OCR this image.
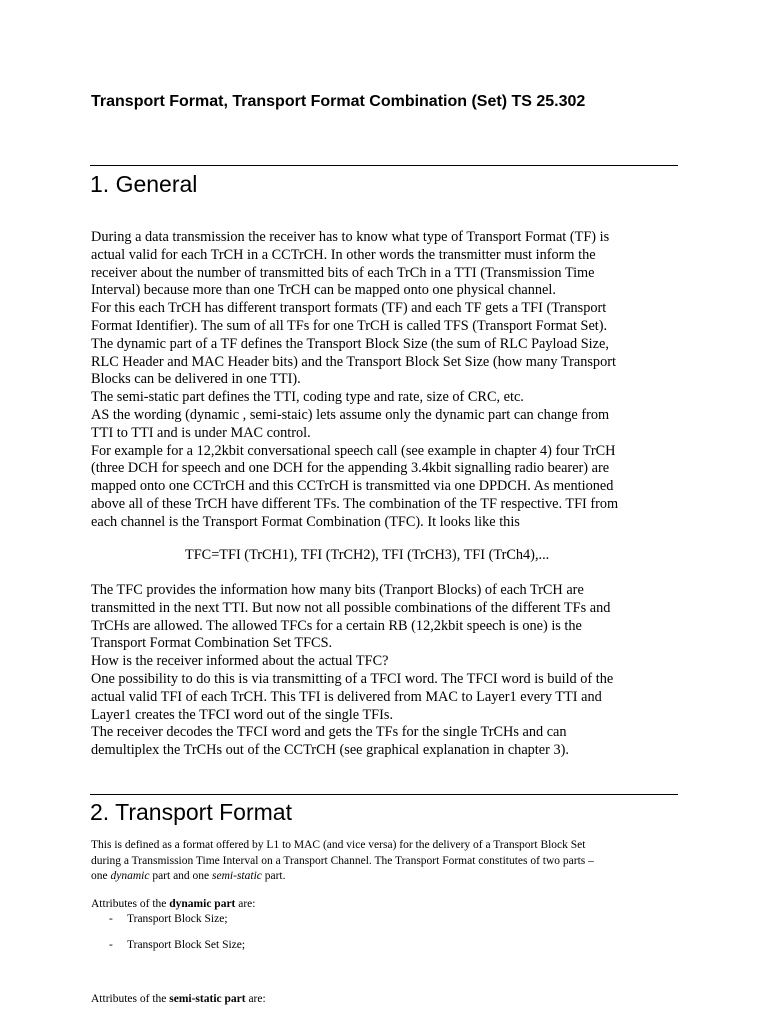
Transport Format, Transport Format Combination (Set) TS 25.302
1. General

During a data transmission the receiver has to know what type of Transport Format (TF) is

actual valid for each TrCH in a CCTrCH. In other words the transmitter must inform the

receiver about the number of transmitted bits of each TrCh in a TTI (Transmission Time

Interval) because more than one TrCH can be mapped onto one physical channel.

For this each TrCH has different transport formats (TF) and each TF gets a TFI (Transport

Format Identifier). The sum of all TFs for one TrCH is called TFS (Transport Format Set).

The dynamic part of a TF defines the Transport Block Size (the sum of RLC Payload Size,

RLC Header and MAC Header bits) and the Transport Block Set Size (how many Transport

Blocks can be delivered in one TTI).

The semi-static part defines the TTI, coding type and rate, size of CRC, etc.

AS the wording (dynamic , semi-staic) lets assume only the dynamic part can change from

TTI to TTI and is under MAC control.

For example for a 12,2kbit conversational speech call (see example in chapter 4) four TrCH

(three DCH for speech and one DCH for the appending 3.4kbit signalling radio bearer) are

mapped onto one CCTrCH and this CCTrCH is transmitted via one DPDCH. As mentioned

above all of these TrCH have different TFs. The combination of the TF respective. TFI from

each channel is the Transport Format Combination (TFC). It looks like this

TFC=TFI (TrCH1), TFI (TrCH2), TFI (TrCH3), TFI (TrCh4),...

The TFC provides the information how many bits (Tranport Blocks) of each TrCH are

transmitted in the next TTI. But now not all possible combinations of the different TFs and

TrCHs are allowed. The allowed TFCs for a certain RB (12,2kbit speech is one) is the

Transport Format Combination Set TFCS.

How is the receiver informed about the actual TFC?

One possibility to do this is via transmitting of a TFCI word. The TFCI word is build of the

actual valid TFI of each TrCH. This TFI is delivered from MAC to Layer1 every TTI and

Layer1 creates the TFCI word out of the single TFIs.

The receiver decodes the TFCI word and gets the TFs for the single TrCHs and can

demultiplex the TrCHs out of the CCTrCH (see graphical explanation in chapter 3).

2. Transport Format

This is defined as a format offered by L1 to MAC (and vice versa) for the delivery of a Transport Block Set

during a Transmission Time Interval on a Transport Channel. The Transport Format constitutes of two parts –

one dynamic part and one semi-static part.

Attributes of the dynamic part are:
- Transport Block Size;
- Transport Block Set Size;
Attributes of the semi-static part are:
